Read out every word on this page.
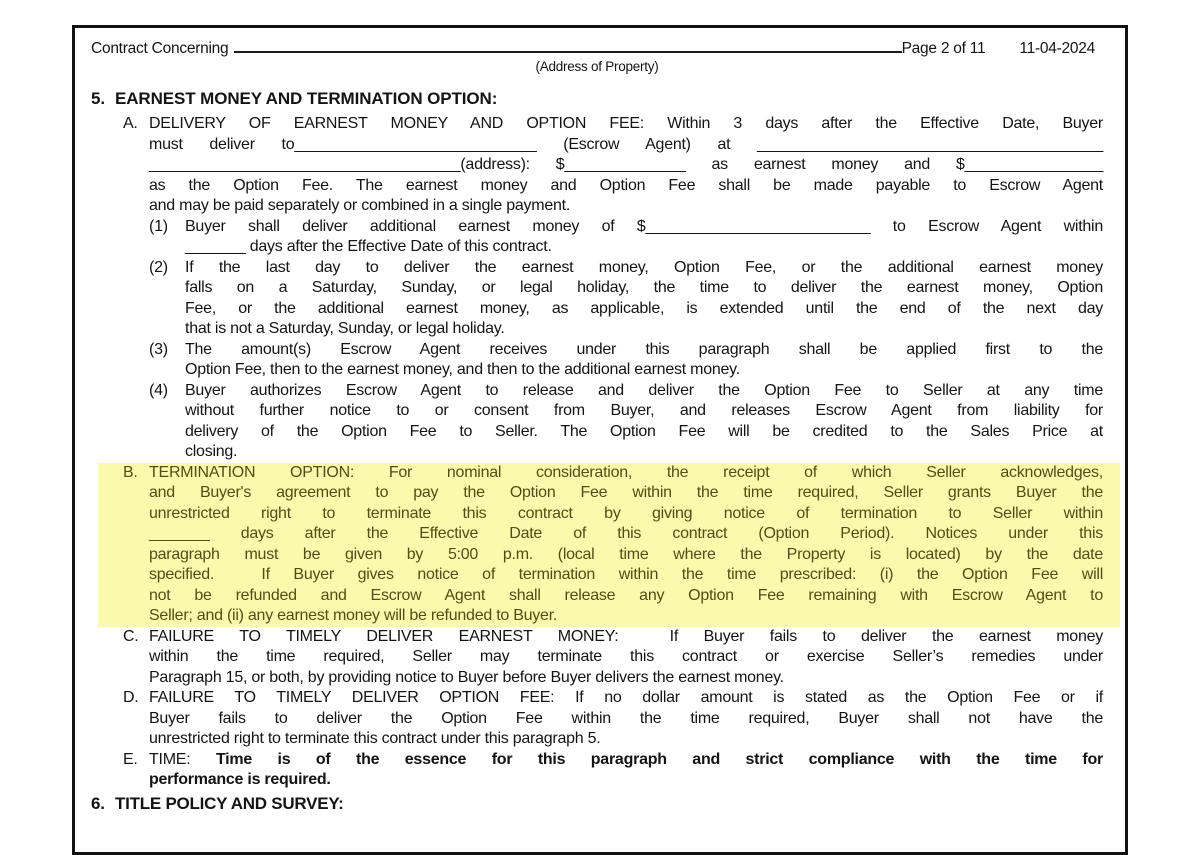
Contract Concerning	Page 2 of 11 11-04-2024
(Address of Property)
5. EARNEST MONEY AND TERMINATION OPTION:
A. DELIVERY OF EARNEST MONEY AND OPTION FEE: Within 3 days after the Effective Date, Buyer
must deliver to____________________________ (Escrow Agent) at ________________________________________
____________________________________(address): $______________ as earnest money and $________________
as the Option Fee. The earnest money and Option Fee shall be made payable to Escrow Agent
and may be paid separately or combined in a single payment.
(1)	Buyer shall deliver additional earnest money of $__________________________ to Escrow Agent within
_______ days after the Effective Date of this contract.
(2)	If the last day to deliver the earnest money, Option Fee, or the additional earnest money
falls on a Saturday, Sunday, or legal holiday, the time to deliver the earnest money, Option
Fee, or the additional earnest money, as applicable, is extended until the end of the next day
that is not a Saturday, Sunday, or legal holiday.
(3)	The amount(s) Escrow Agent receives under this paragraph shall be applied first to the
Option Fee, then to the earnest money, and then to the additional earnest money.
(4)	Buyer authorizes Escrow Agent to release and deliver the Option Fee to Seller at any time
without further notice to or consent from Buyer, and releases Escrow Agent from liability for
delivery of the Option Fee to Seller. The Option Fee will be credited to the Sales Price at
closing.
B. TERMINATION OPTION: For nominal consideration, the receipt of which Seller acknowledges,
and Buyer's agreement to pay the Option Fee within the time required, Seller grants Buyer the
unrestricted right to terminate this contract by giving notice of termination to Seller within
_______ days after the Effective Date of this contract (Option Period). Notices under this
paragraph must be given by 5:00 p.m. (local time where the Property is located) by the date
specified.  If Buyer gives notice of termination within the time prescribed: (i) the Option Fee will
not be refunded and Escrow Agent shall release any Option Fee remaining with Escrow Agent to
Seller; and (ii) any earnest money will be refunded to Buyer.
C. FAILURE TO TIMELY DELIVER EARNEST MONEY:  If Buyer fails to deliver the earnest money
within the time required, Seller may terminate this contract or exercise Seller’s remedies under
Paragraph 15, or both, by providing notice to Buyer before Buyer delivers the earnest money.
D. FAILURE TO TIMELY DELIVER OPTION FEE: If no dollar amount is stated as the Option Fee or if
Buyer fails to deliver the Option Fee within the time required, Buyer shall not have the
unrestricted right to terminate this contract under this paragraph 5.
E. TIME: Time is of the essence for this paragraph and strict compliance with the time for
performance is required.
6. TITLE POLICY AND SURVEY:
